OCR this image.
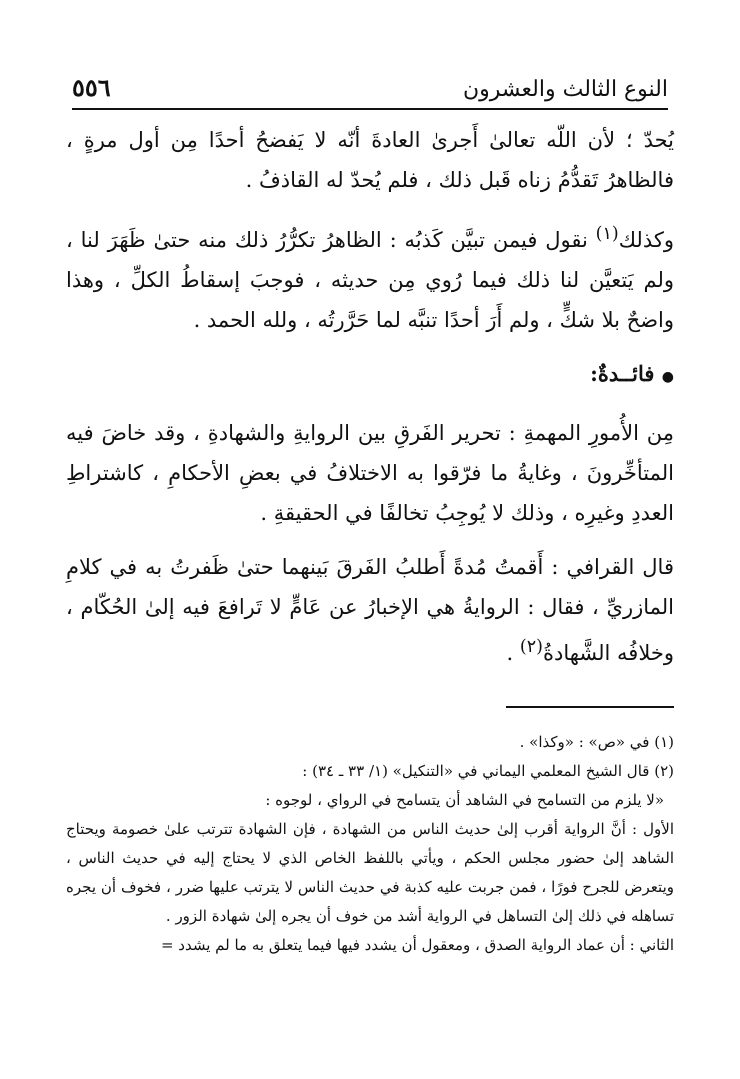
النوع الثالث والعشرون
٥٥٦

يُحدّ ؛ لأن اللّه تعالىٰ أَجرىٰ العادةَ أنّه لا يَفضحُ أحدًا مِن أول مرةٍ ، فالظاهرُ تَقدُّمُ زناه قَبل ذلك ، فلم يُحدّ له القاذفُ .

وكذلك$^{(١)}$ نقول فيمن تبيَّن كَذبُه : الظاهرُ تكرُّرُ ذلك منه حتىٰ ظَهَرَ لنا ، ولم يَتعيَّن لنا ذلك فيما رُوي مِن حديثه ، فوجبَ إسقاطُ الكلِّ ، وهذا واضحٌ بلا شكٍّ ، ولم أَرَ أحدًا تنبَّه لما حَرَّرتُه ، ولله الحمد .

● فائــدةٌ:

مِن الأُمورِ المهمةِ : تحرير الفَرقِ بين الروايةِ والشهادةِ ، وقد خاضَ فيه المتأخِّرونَ ، وغايةُ ما فرّقوا به الاختلافُ في بعضِ الأحكامِ ، كاشتراطِ العددِ وغيرِه ، وذلك لا يُوجِبُ تخالفًا في الحقيقةِ .

قال القرافي : أَقمتُ مُدةً أَطلبُ الفَرقَ بَينهما حتىٰ ظَفرتُ به في كلامِ المازريِّ ، فقال : الروايةُ هي الإخبارُ عن عَامٍّ لا تَرافعَ فيه إلىٰ الحُكّام ، وخلافُه الشَّهادةُ$^{(٢)}$ .

(١) في «ص» : «وكذا» .

(٢) قال الشيخ المعلمي اليماني في «التنكيل» (١/ ٣٣ ـ ٣٤) :

«لا يلزم من التسامح في الشاهد أن يتسامح في الرواي ، لوجوه :

الأول : أنَّ الرواية أقرب إلىٰ حديث الناس من الشهادة ، فإن الشهادة تترتب علىٰ خصومة ويحتاج الشاهد إلىٰ حضور مجلس الحكم ، ويأتي باللفظ الخاص الذي لا يحتاج إليه في حديث الناس ، ويتعرض للجرح فورًا ، فمن جربت عليه كذبة في حديث الناس لا يترتب عليها ضرر ، فخوف أن يجره تساهله في ذلك إلىٰ التساهل في الرواية أشد من خوف أن يجره إلىٰ شهادة الزور .

الثاني : أن عماد الرواية الصدق ، ومعقول أن يشدد فيها فيما يتعلق به ما لم يشدد =
